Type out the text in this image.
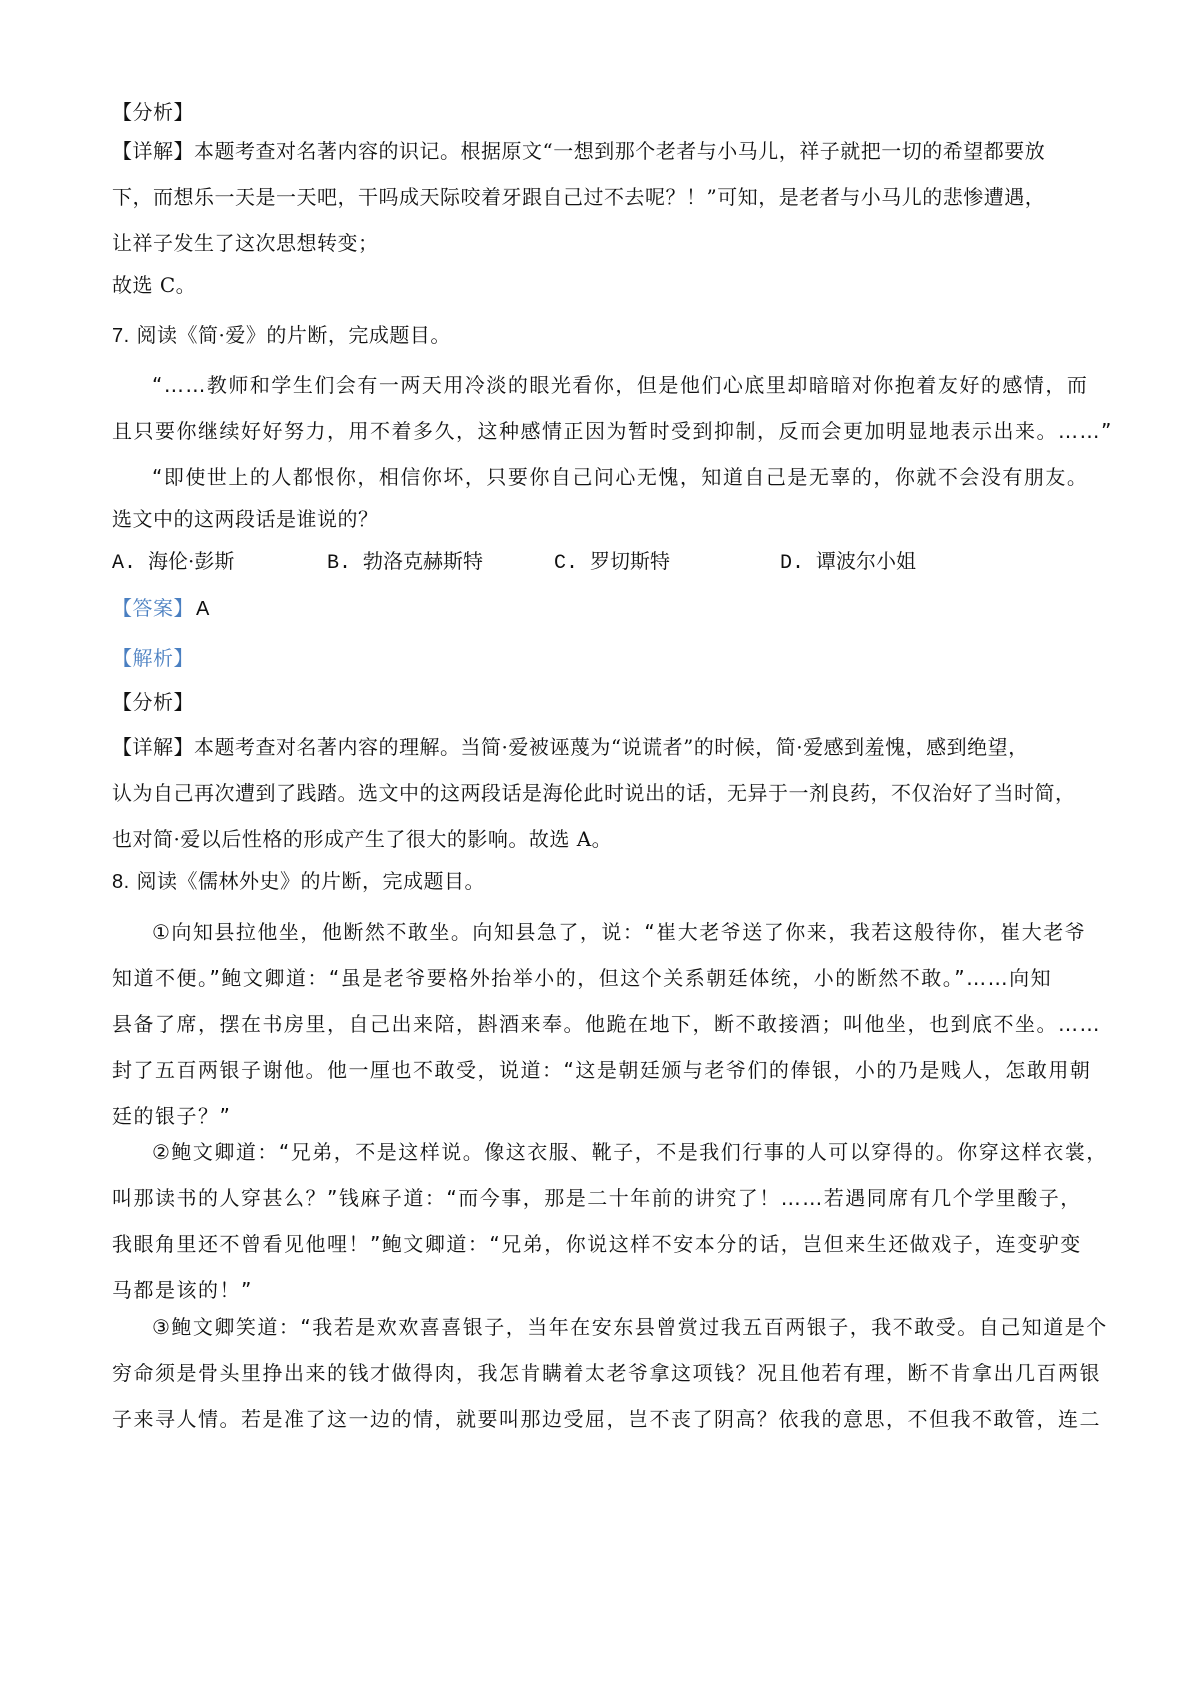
【分析】
【详解】本题考查对名著内容的识记。根据原文“一想到那个老者与小马儿，祥子就把一切的希望都要放
下，而想乐一天是一天吧，干吗成天际咬着牙跟自己过不去呢？！”可知，是老者与小马儿的悲惨遭遇，
让祥子发生了这次思想转变；
故选 C。
7. 阅读《简·爱》的片断，完成题目。
“……教师和学生们会有一两天用冷淡的眼光看你，但是他们心底里却暗暗对你抱着友好的感情，而
且只要你继续好好努力，用不着多久，这种感情正因为暂时受到抑制，反而会更加明显地表示出来。……”
“即使世上的人都恨你，相信你坏，只要你自己问心无愧，知道自己是无辜的，你就不会没有朋友。
选文中的这两段话是谁说的？
A. 海伦·彭斯	B. 勃洛克赫斯特	C. 罗切斯特	D. 谭波尔小姐
【答案】 A
【解析】
【分析】
【详解】本题考查对名著内容的理解。当简·爱被诬蔑为“说谎者”的时候，简·爱感到羞愧，感到绝望，
认为自己再次遭到了践踏。选文中的这两段话是海伦此时说出的话，无异于一剂良药，不仅治好了当时简，
也对简·爱以后性格的形成产生了很大的影响。故选 A。
8. 阅读《儒林外史》的片断，完成题目。
①向知县拉他坐，他断然不敢坐。向知县急了，说：“崔大老爷送了你来，我若这般待你，崔大老爷
知道不便。”鲍文卿道：“虽是老爷要格外抬举小的，但这个关系朝廷体统，小的断然不敢。”……向知
县备了席，摆在书房里，自己出来陪，斟酒来奉。他跪在地下，断不敢接酒；叫他坐，也到底不坐。……
封了五百两银子谢他。他一厘也不敢受，说道：“这是朝廷颁与老爷们的俸银，小的乃是贱人，怎敢用朝
廷的银子？”
②鲍文卿道：“兄弟，不是这样说。像这衣服、靴子，不是我们行事的人可以穿得的。你穿这样衣裳，
叫那读书的人穿甚么？”钱麻子道：“而今事，那是二十年前的讲究了！……若遇同席有几个学里酸子，
我眼角里还不曾看见他哩！”鲍文卿道：“兄弟，你说这样不安本分的话，岂但来生还做戏子，连变驴变
马都是该的！”
③鲍文卿笑道：“我若是欢欢喜喜银子，当年在安东县曾赏过我五百两银子，我不敢受。自己知道是个
穷命须是骨头里挣出来的钱才做得肉，我怎肯瞒着太老爷拿这项钱？况且他若有理，断不肯拿出几百两银
子来寻人情。若是准了这一边的情，就要叫那边受屈，岂不丧了阴高？依我的意思，不但我不敢管，连二
